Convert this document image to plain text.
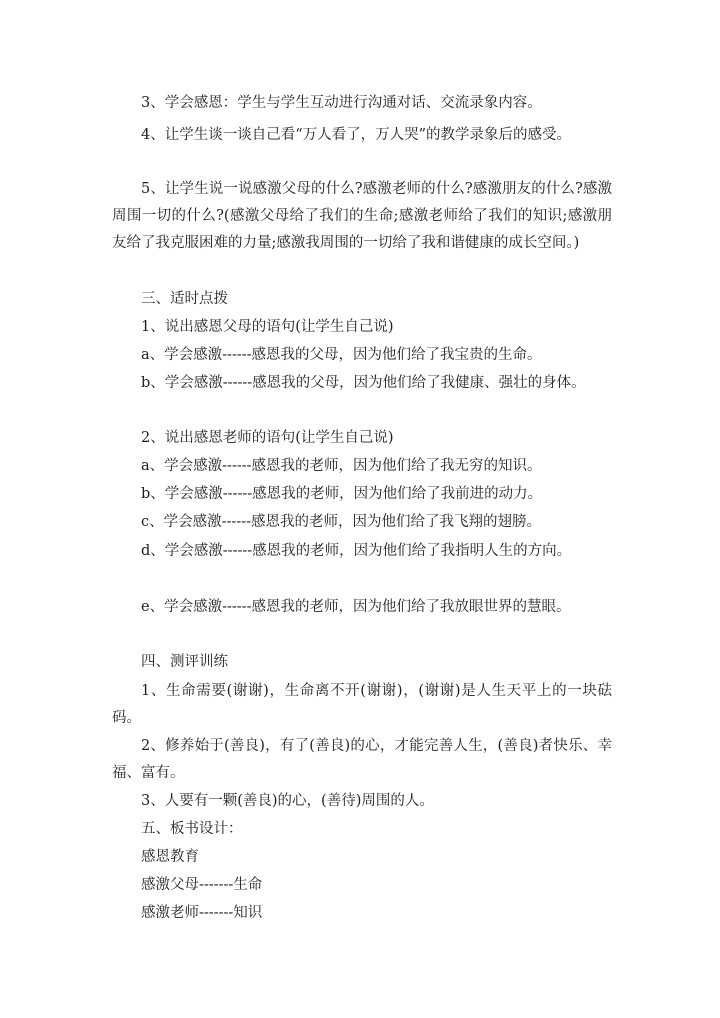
3、学会感恩：学生与学生互动进行沟通对话、交流录象内容。

4、让学生谈一谈自己看“万人看了，万人哭”的教学录象后的感受。

5、让学生说一说感激父母的什么?感激老师的什么?感激朋友的什么?感激周围一切的什么?(感激父母给了我们的生命;感激老师给了我们的知识;感激朋友给了我克服困难的力量;感激我周围的一切给了我和谐健康的成长空间。)

三、适时点拨

1、说出感恩父母的语句(让学生自己说)

a、学会感激------感恩我的父母，因为他们给了我宝贵的生命。

b、学会感激------感恩我的父母，因为他们给了我健康、强壮的身体。

2、说出感恩老师的语句(让学生自己说)

a、学会感激------感恩我的老师，因为他们给了我无穷的知识。

b、学会感激------感恩我的老师，因为他们给了我前进的动力。

c、学会感激------感恩我的老师，因为他们给了我飞翔的翅膀。

d、学会感激------感恩我的老师，因为他们给了我指明人生的方向。

e、学会感激------感恩我的老师，因为他们给了我放眼世界的慧眼。

四、测评训练

1、生命需要(谢谢)，生命离不开(谢谢)，(谢谢)是人生天平上的一块砝码。

2、修养始于(善良)，有了(善良)的心，才能完善人生，(善良)者快乐、幸福、富有。

3、人要有一颗(善良)的心，(善待)周围的人。

五、板书设计：

感恩教育

感激父母-------生命

感激老师-------知识
